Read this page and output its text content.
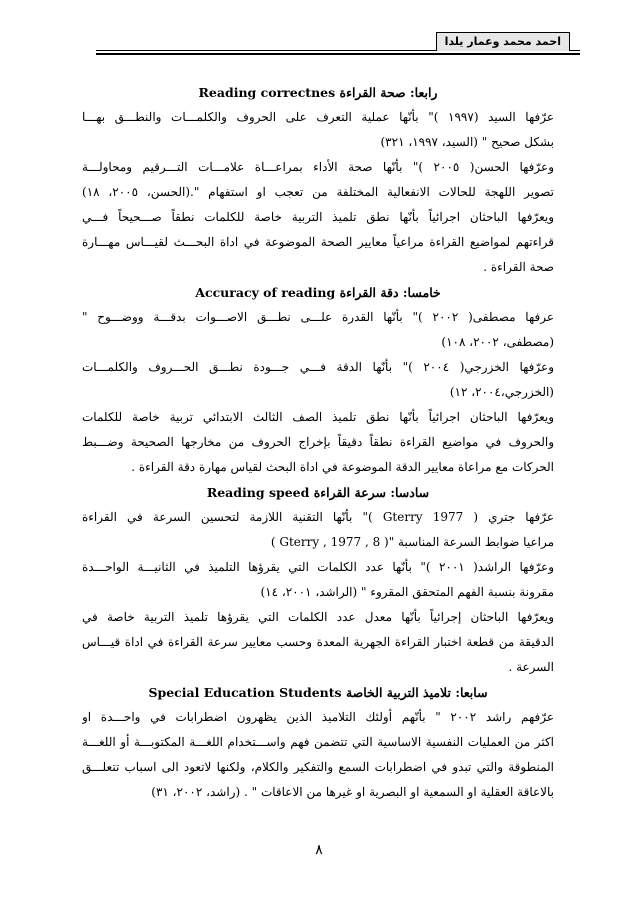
احمد محمد وعمار يلدا
رابعا: صحة القراءة Reading correctnes
عرّفها السيد (١٩٩٧ )" بأنّها عملية التعرف على الحروف والكلمـــات والنطـــق بهـــا
بشكل صحيح " (السيد، ١٩٩٧، ٣٢١)
وعرّفها الحسن( ٢٠٠٥ )" بأنّها صحة الأداء بمراعـــاة علامـــات التـــرقيم ومحاولـــة
تصوير اللهجة للحالات الانفعالية المختلفة من تعجب او استفهام ".(الحسن، ٢٠٠٥، ١٨)
ويعرّفها الباحثان اجرائياً بأنّها نطق تلميذ التربية خاصة للكلمات نطقاً صـــحيحاً فـــي
قراءتهم لمواضيع القراءة مراعياً معايير الصحة الموضوعة في اداة البحـــث لقيـــاس مهـــارة
صحة القراءة .
خامسا: دقة القراءة Accuracy of reading
عرفها مصطفى( ٢٠٠٢ )" بأنّها القدرة علـــى نطـــق الاصـــوات بدقـــة ووضـــوح "
(مصطفى، ٢٠٠٢، ١٠٨)
وعرّفها الخزرجي( ٢٠٠٤ )" بأنّها الدقة فـــي جـــودة نطـــق الحـــروف والكلمـــات
(الخزرجي،٢٠٠٤، ١٢)
ويعرّفها الباحثان اجرائياً بأنّها نطق تلميذ الصف الثالث الابتدائي تربية خاصة للكلمات
والحروف في مواضيع القراءة نطقاً دقيقاً بإخراج الحروف من مخارجها الصحيحة وضـــبط
الحركات مع مراعاة معايير الدقة الموضوعة في اداة البحث لقياس مهارة دقة القراءة .
سادسا: سرعة القراءة Reading speed
عرّفها جتري ( Gterry 1977 )" بأنّها التقنية اللازمة لتحسين السرعة في القراءة
مراعيا ضوابط السرعة المناسبة "( Gterry , 1977 , 8 )
وعرّفها الراشد( ٢٠٠١ )" بأنّها عدد الكلمات التي يقرؤها التلميذ في الثانيـــة الواحـــدة
مقرونة بنسبة الفهم المتحقق المقروء " (الراشد، ٢٠٠١، ١٤)
ويعرّفها الباحثان إجرائياً بأنّها معدل عدد الكلمات التي يقرؤها تلميذ التربية خاصة في
الدقيقة من قطعة اختبار القراءة الجهرية المعدة وحسب معايير سرعة القراءة في اداة قيـــاس
السرعة .
سابعا: تلاميذ التربية الخاصة Special Education Students
عرّفهم راشد ٢٠٠٢ " بأنّهم أولئك التلاميذ الذين يظهرون اضطرابات في واحـــدة او
اكثر من العمليات النفسية الاساسية التي تتضمن فهم واســـتخدام اللغـــة المكتوبـــة أو اللغـــة
المنطوقة والتي تبدو في اضطرابات السمع والتفكير والكلام، ولكنها لاتعود الى اسباب تتعلـــق
بالاعاقة العقلية او السمعية او البصرية او غيرها من الاعاقات " . (راشد، ٢٠٠٢، ٣١)
٨
